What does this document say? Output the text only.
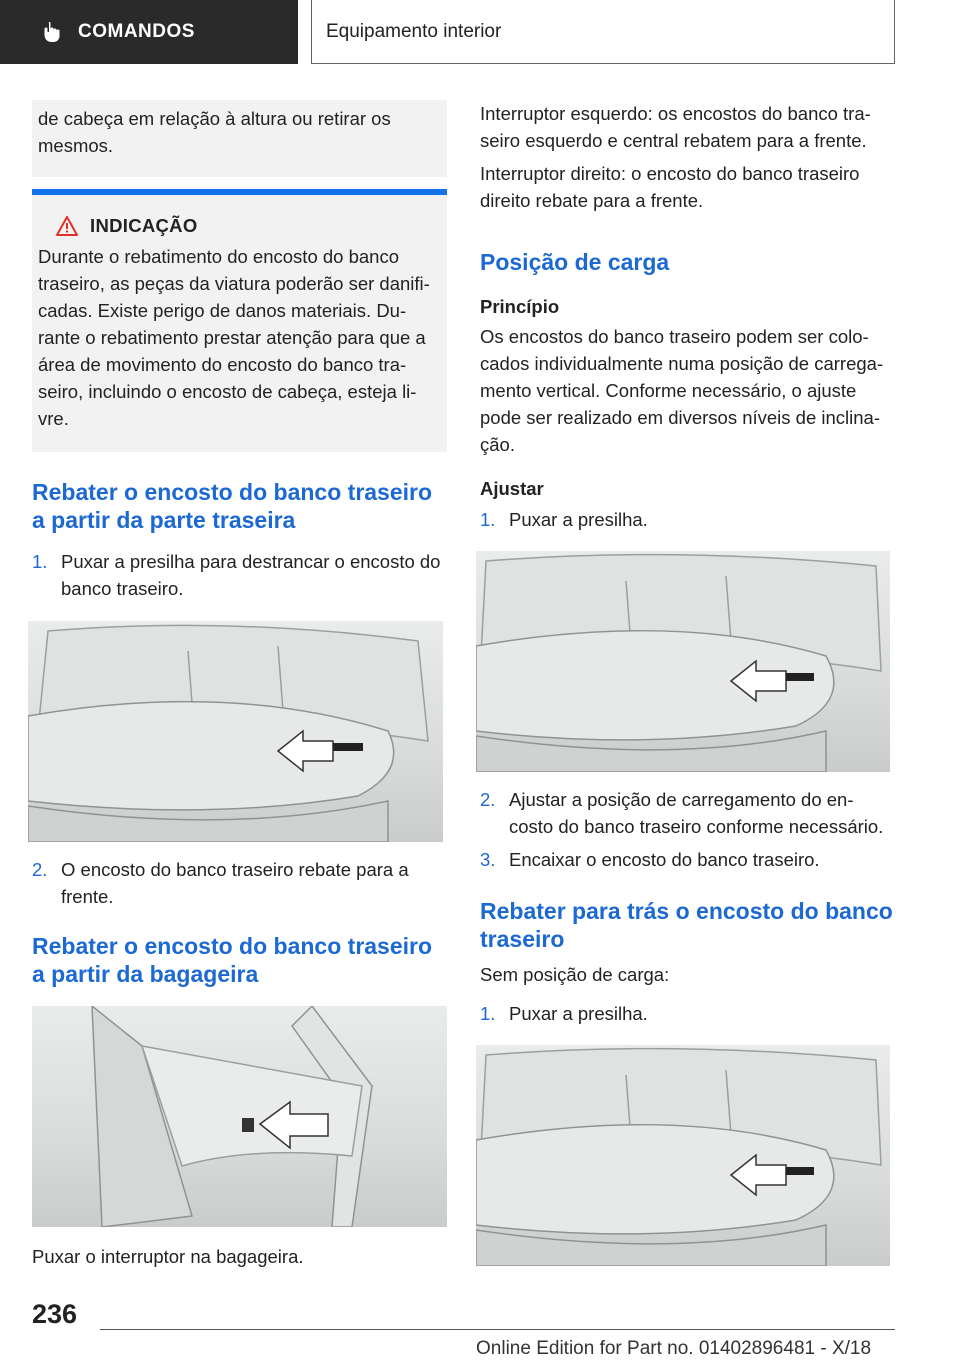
COMANDOS	Equipamento interior

de cabeça em relação à altura ou retirar os mesmos.

INDICAÇÃO

Durante o rebatimento do encosto do banco traseiro, as peças da viatura poderão ser danifi-cadas. Existe perigo de danos materiais. Du-rante o rebatimento prestar atenção para que a área de movimento do encosto do banco tra-seiro, incluindo o encosto de cabeça, esteja li-vre.

Rebater o encosto do banco traseiro a partir da parte traseira
1. Puxar a presilha para destrancar o encosto do banco traseiro.
2. O encosto do banco traseiro rebate para a frente.
Rebater o encosto do banco traseiro a partir da bagageira

Puxar o interruptor na bagageira.

Interruptor esquerdo: os encostos do banco tra-seiro esquerdo e central rebatem para a frente.

Interruptor direito: o encosto do banco traseiro direito rebate para a frente.

Posição de carga
Princípio

Os encostos do banco traseiro podem ser colo-cados individualmente numa posição de carrega-mento vertical. Conforme necessário, o ajuste pode ser realizado em diversos níveis de inclina-ção.

Ajustar
1. Puxar a presilha.
2. Ajustar a posição de carregamento do en-costo do banco traseiro conforme necessário.
3. Encaixar o encosto do banco traseiro.
Rebater para trás o encosto do banco traseiro

Sem posição de carga:

1. Puxar a presilha.
236
Online Edition for Part no. 01402896481 - X/18
